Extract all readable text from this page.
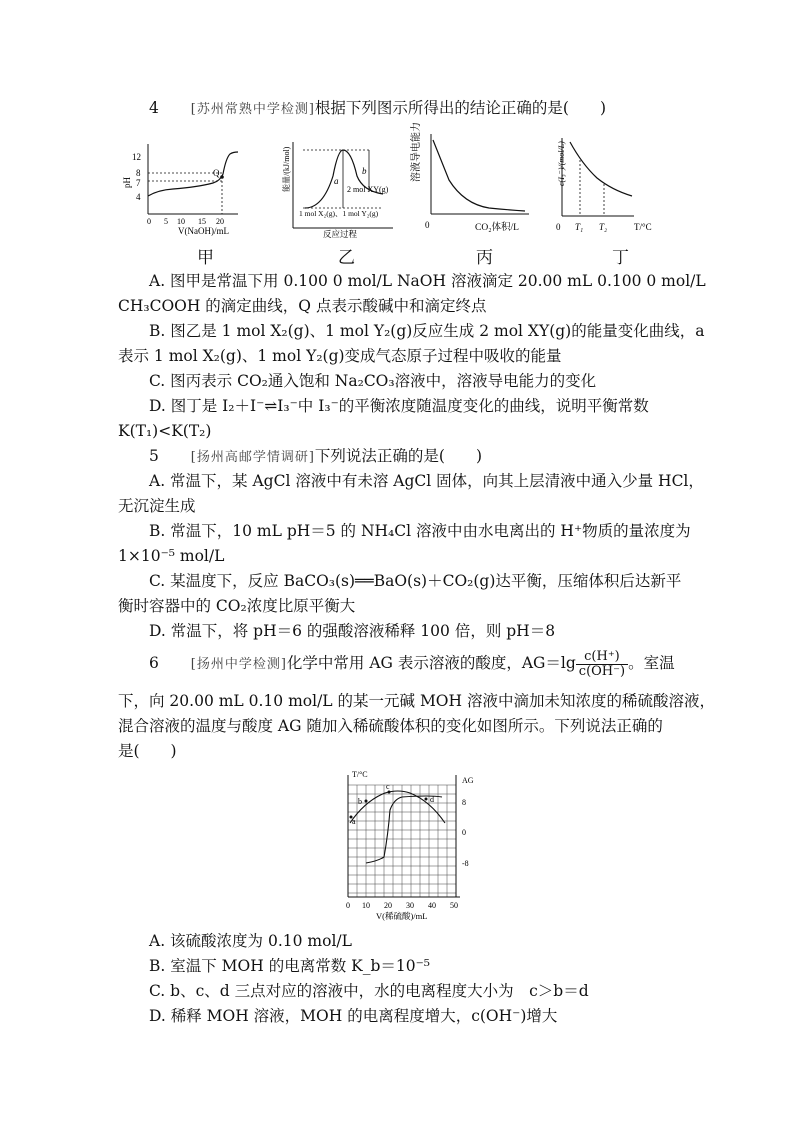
4 [苏州常熟中学检测]根据下列图示所得出的结论正确的是(　　)
pH
12
8
7
4
Q
0 5 10 15 20
V(NaOH)/mL
能量/(kJ/mol)	a
b
2 mol XY(g)
1 mol X₂(g)、1 mol Y₂(g)
反应过程
溶液导电能力
0	CO₂体积/L
c(I₃⁻)/(mol/L)
0 T₁ T₂	T/°C
甲	乙	丙	丁
A. 图甲是常温下用 0.100 0 mol/L NaOH 溶液滴定 20.00 mL 0.100 0 mol/L
CH₃COOH 的滴定曲线，Q 点表示酸碱中和滴定终点
B. 图乙是 1 mol X₂(g)、1 mol Y₂(g)反应生成 2 mol XY(g)的能量变化曲线，a
表示 1 mol X₂(g)、1 mol Y₂(g)变成气态原子过程中吸收的能量
C. 图丙表示 CO₂通入饱和 Na₂CO₃溶液中，溶液导电能力的变化
D. 图丁是 I₂＋I⁻⇌I₃⁻中 I₃⁻的平衡浓度随温度变化的曲线，说明平衡常数
K(T₁)<K(T₂)
5 [扬州高邮学情调研]下列说法正确的是(　　)
A. 常温下，某 AgCl 溶液中有未溶 AgCl 固体，向其上层清液中通入少量 HCl，
无沉淀生成
B. 常温下，10 mL pH＝5 的 NH₄Cl 溶液中由水电离出的 H⁺物质的量浓度为
1×10⁻⁵ mol/L
C. 某温度下，反应 BaCO₃(s)══BaO(s)＋CO₂(g)达平衡，压缩体积后达新平
衡时容器中的 CO₂浓度比原平衡大
D. 常温下，将 pH＝6 的强酸溶液稀释 100 倍，则 pH＝8
6 [扬州中学检测]化学中常用 AG 表示溶液的酸度，$AG=\lg \frac{c(H^+)}{c(OH^-)}$ 。室温
下，向 20.00 mL 0.10 mol/L 的某一元碱 MOH 溶液中滴加未知浓度的稀硫酸溶液，
混合溶液的温度与酸度 AG 随加入稀硫酸体积的变化如图所示。下列说法正确的
是(　　)
T/°C
AG
8
0
-8
a
b
c
d
0 10 20 30 40 50
V(稀硫酸)/mL
A. 该硫酸浓度为 0.10 mol/L
B. 室温下 MOH 的电离常数 K_b＝10⁻⁵
C. b、c、d 三点对应的溶液中，水的电离程度大小为　c＞b＝d
D. 稀释 MOH 溶液，MOH 的电离程度增大，c(OH⁻)增大
